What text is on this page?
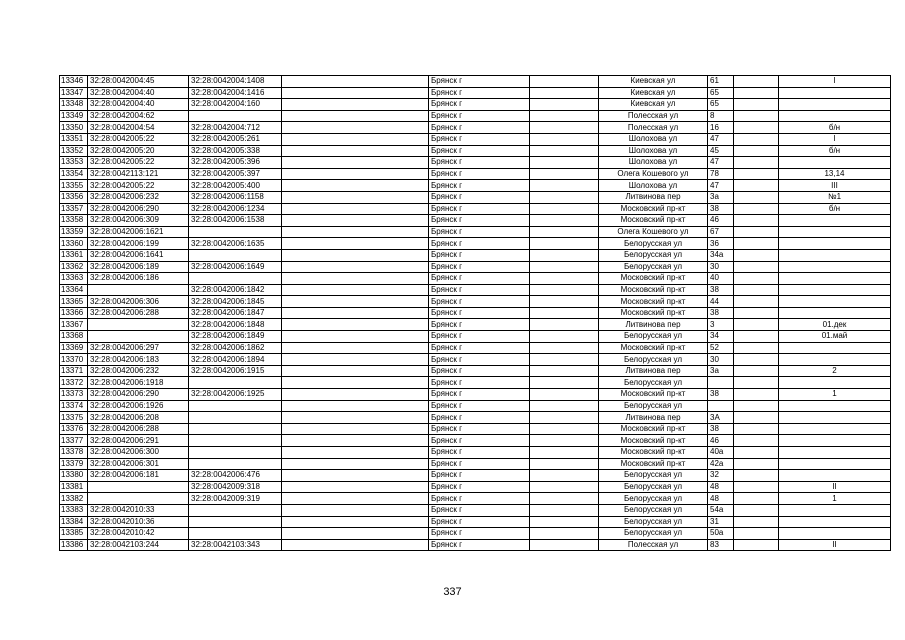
13346	32:28:0042004:45	32:28:0042004:1408		Брянск г		Киевская ул	61		I
13347	32:28:0042004:40	32:28:0042004:1416		Брянск г		Киевская ул	65		
13348	32:28:0042004:40	32:28:0042004:160		Брянск г		Киевская ул	65		
13349	32:28:0042004:62			Брянск г		Полесская ул	8		
13350	32:28:0042004:54	32:28:0042004:712		Брянск г		Полесская ул	16		б/н
13351	32:28:0042005:22	32:28:0042005:261		Брянск г		Шолохова ул	47		I
13352	32:28:0042005:20	32:28:0042005:338		Брянск г		Шолохова ул	45		б/н
13353	32:28:0042005:22	32:28:0042005:396		Брянск г		Шолохова ул	47		
13354	32:28:0042113:121	32:28:0042005:397		Брянск г		Олега Кошевого ул	78		13,14
13355	32:28:0042005:22	32:28:0042005:400		Брянск г		Шолохова ул	47		III
13356	32:28:0042006:232	32:28:0042006:1158		Брянск г		Литвинова пер	3а		№1
13357	32:28:0042006:290	32:28:0042006:1234		Брянск г		Московский пр-кт	38		б/н
13358	32:28:0042006:309	32:28:0042006:1538		Брянск г		Московский пр-кт	46		
13359	32:28:0042006:1621			Брянск г		Олега Кошевого ул	67		
13360	32:28:0042006:199	32:28:0042006:1635		Брянск г		Белорусская ул	36		
13361	32:28:0042006:1641			Брянск г		Белорусская ул	34а		
13362	32:28:0042006:189	32:28:0042006:1649		Брянск г		Белорусская ул	30		
13363	32:28:0042006:186			Брянск г		Московский пр-кт	40		
13364		32:28:0042006:1842		Брянск г		Московский пр-кт	38		
13365	32:28:0042006:306	32:28:0042006:1845		Брянск г		Московский пр-кт	44		
13366	32:28:0042006:288	32:28:0042006:1847		Брянск г		Московский пр-кт	38		
13367		32:28:0042006:1848		Брянск г		Литвинова пер	3		01.дек
13368		32:28:0042006:1849		Брянск г		Белорусская ул	34		01.май
13369	32:28:0042006:297	32:28:0042006:1862		Брянск г		Московский пр-кт	52		
13370	32:28:0042006:183	32:28:0042006:1894		Брянск г		Белорусская ул	30		
13371	32:28:0042006:232	32:28:0042006:1915		Брянск г		Литвинова пер	3а		2
13372	32:28:0042006:1918			Брянск г		Белорусская ул			
13373	32:28:0042006:290	32:28:0042006:1925		Брянск г		Московский пр-кт	38		1
13374	32:28:0042006:1926			Брянск г		Белорусская ул			
13375	32:28:0042006:208			Брянск г		Литвинова пер	3А		
13376	32:28:0042006:288			Брянск г		Московский пр-кт	38		
13377	32:28:0042006:291			Брянск г		Московский пр-кт	46		
13378	32:28:0042006:300			Брянск г		Московский пр-кт	40а		
13379	32:28:0042006:301			Брянск г		Московский пр-кт	42а		
13380	32:28:0042006:181	32:28:0042006:476		Брянск г		Белорусская ул	32		
13381		32:28:0042009:318		Брянск г		Белорусская ул	48		II
13382		32:28:0042009:319		Брянск г		Белорусская ул	48		1
13383	32:28:0042010:33			Брянск г		Белорусская ул	54а		
13384	32:28:0042010:36			Брянск г		Белорусская ул	31		
13385	32:28:0042010:42			Брянск г		Белорусская ул	50а		
13386	32:28:0042103:244	32:28:0042103:343		Брянск г		Полесская ул	83		II
337
